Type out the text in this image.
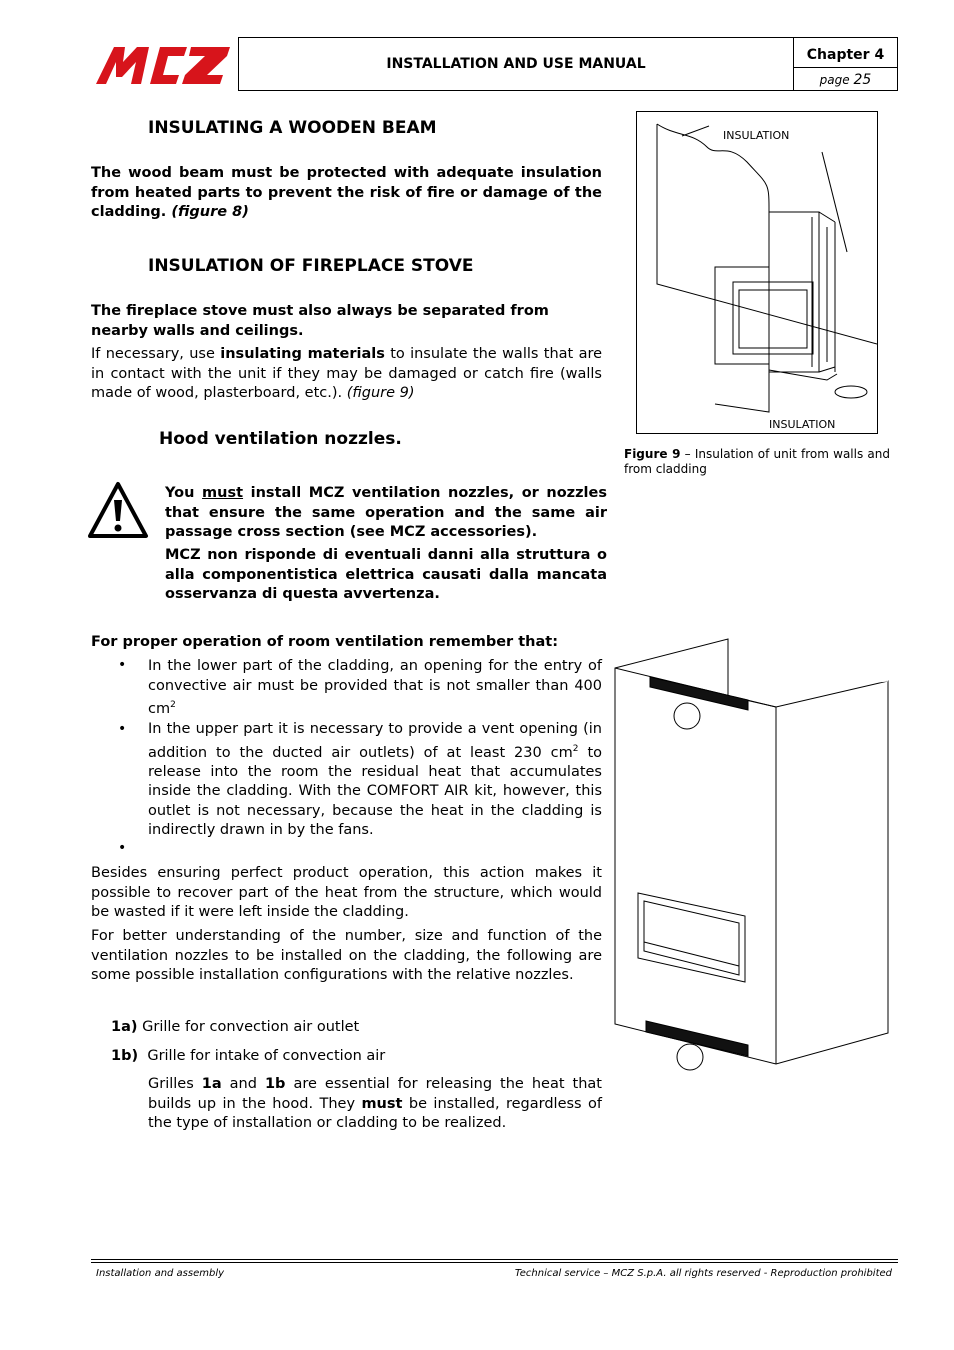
INSTALLATION AND USE MANUAL
Chapter 4
page 25
INSULATING A WOODEN BEAM

The wood beam must be protected with adequate insulation from heated parts to prevent the risk of fire or damage of the cladding. (figure 8)

INSULATION OF FIREPLACE STOVE

The fireplace stove must also always be separated from nearby walls and ceilings.

If necessary, use insulating materials to insulate the walls that are in contact with the unit if they may be damaged or catch fire (walls made of wood, plasterboard, etc.). (figure 9)

INSULATION
INSULATION

Figure 9 – Insulation of unit from walls and from cladding

Hood ventilation nozzles.

You must install MCZ ventilation nozzles, or nozzles that ensure the same operation and the same air passage cross section (see MCZ accessories).

MCZ non risponde di eventuali danni alla struttura o alla componentistica elettrica causati dalla mancata osservanza di questa avvertenza.

For proper operation of room ventilation remember that:

• In the lower part of the cladding, an opening for the entry of convective air must be provided that is not smaller than 400 $cm^2$

• In the upper part it is necessary to provide a vent opening (in addition to the ducted air outlets) of at least 230 $cm^2$ to release into the room the residual heat that accumulates inside the cladding. With the COMFORT AIR kit, however, this outlet is not necessary, because the heat in the cladding is indirectly drawn in by the fans.

•

Besides ensuring perfect product operation, this action makes it possible to recover part of the heat from the structure, which would be wasted if it were left inside the cladding.

For better understanding of the number, size and function of the ventilation nozzles to be installed on the cladding, the following are some possible installation configurations with the relative nozzles.

1a) Grille for convection air outlet

1b) Grille for intake of convection air

Grilles 1a and 1b are essential for releasing the heat that builds up in the hood. They must be installed, regardless of the type of installation or cladding to be realized.

Installation and assembly	Technical service – MCZ S.p.A. all rights reserved - Reproduction prohibited
